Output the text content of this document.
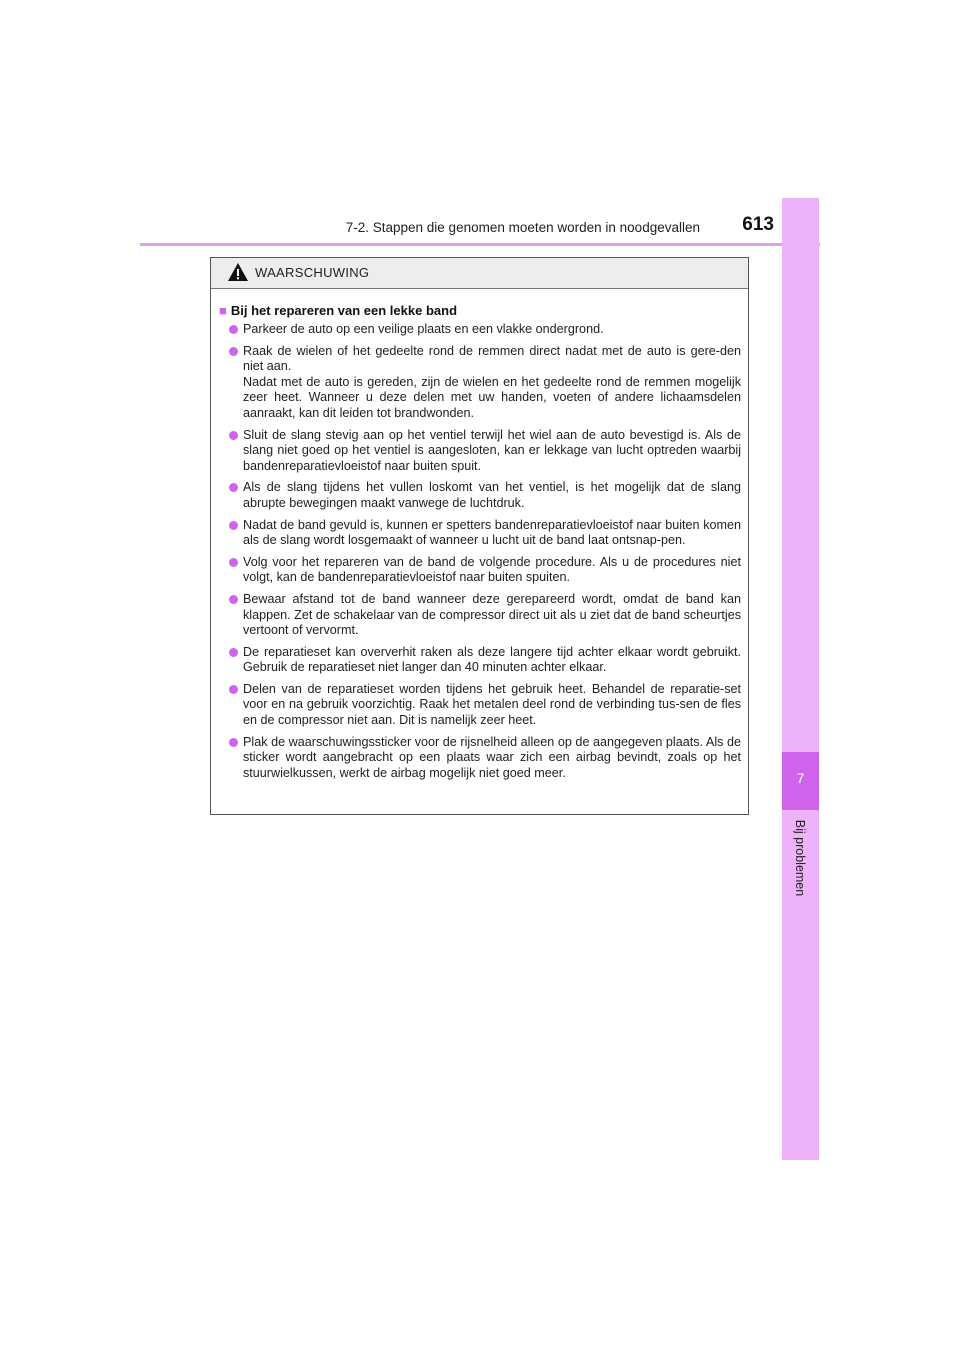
7-2. Stappen die genomen moeten worden in noodgevallen 613
7
Bij problemen
WAARSCHUWING
■ Bij het repareren van een lekke band
Parkeer de auto op een veilige plaats en een vlakke ondergrond.
Raak de wielen of het gedeelte rond de remmen direct nadat met de auto is gere-den niet aan.
Nadat met de auto is gereden, zijn de wielen en het gedeelte rond de remmen mogelijk zeer heet. Wanneer u deze delen met uw handen, voeten of andere lichaamsdelen aanraakt, kan dit leiden tot brandwonden.
Sluit de slang stevig aan op het ventiel terwijl het wiel aan de auto bevestigd is. Als de slang niet goed op het ventiel is aangesloten, kan er lekkage van lucht optreden waarbij bandenreparatievloeistof naar buiten spuit.
Als de slang tijdens het vullen loskomt van het ventiel, is het mogelijk dat de slang abrupte bewegingen maakt vanwege de luchtdruk.
Nadat de band gevuld is, kunnen er spetters bandenreparatievloeistof naar buiten komen als de slang wordt losgemaakt of wanneer u lucht uit de band laat ontsnap-pen.
Volg voor het repareren van de band de volgende procedure. Als u de procedures niet volgt, kan de bandenreparatievloeistof naar buiten spuiten.
Bewaar afstand tot de band wanneer deze gerepareerd wordt, omdat de band kan klappen. Zet de schakelaar van de compressor direct uit als u ziet dat de band scheurtjes vertoont of vervormt.
De reparatieset kan oververhit raken als deze langere tijd achter elkaar wordt gebruikt. Gebruik de reparatieset niet langer dan 40 minuten achter elkaar.
Delen van de reparatieset worden tijdens het gebruik heet. Behandel de reparatie-set voor en na gebruik voorzichtig. Raak het metalen deel rond de verbinding tus-sen de fles en de compressor niet aan. Dit is namelijk zeer heet.
Plak de waarschuwingssticker voor de rijsnelheid alleen op de aangegeven plaats. Als de sticker wordt aangebracht op een plaats waar zich een airbag bevindt, zoals op het stuurwielkussen, werkt de airbag mogelijk niet goed meer.
